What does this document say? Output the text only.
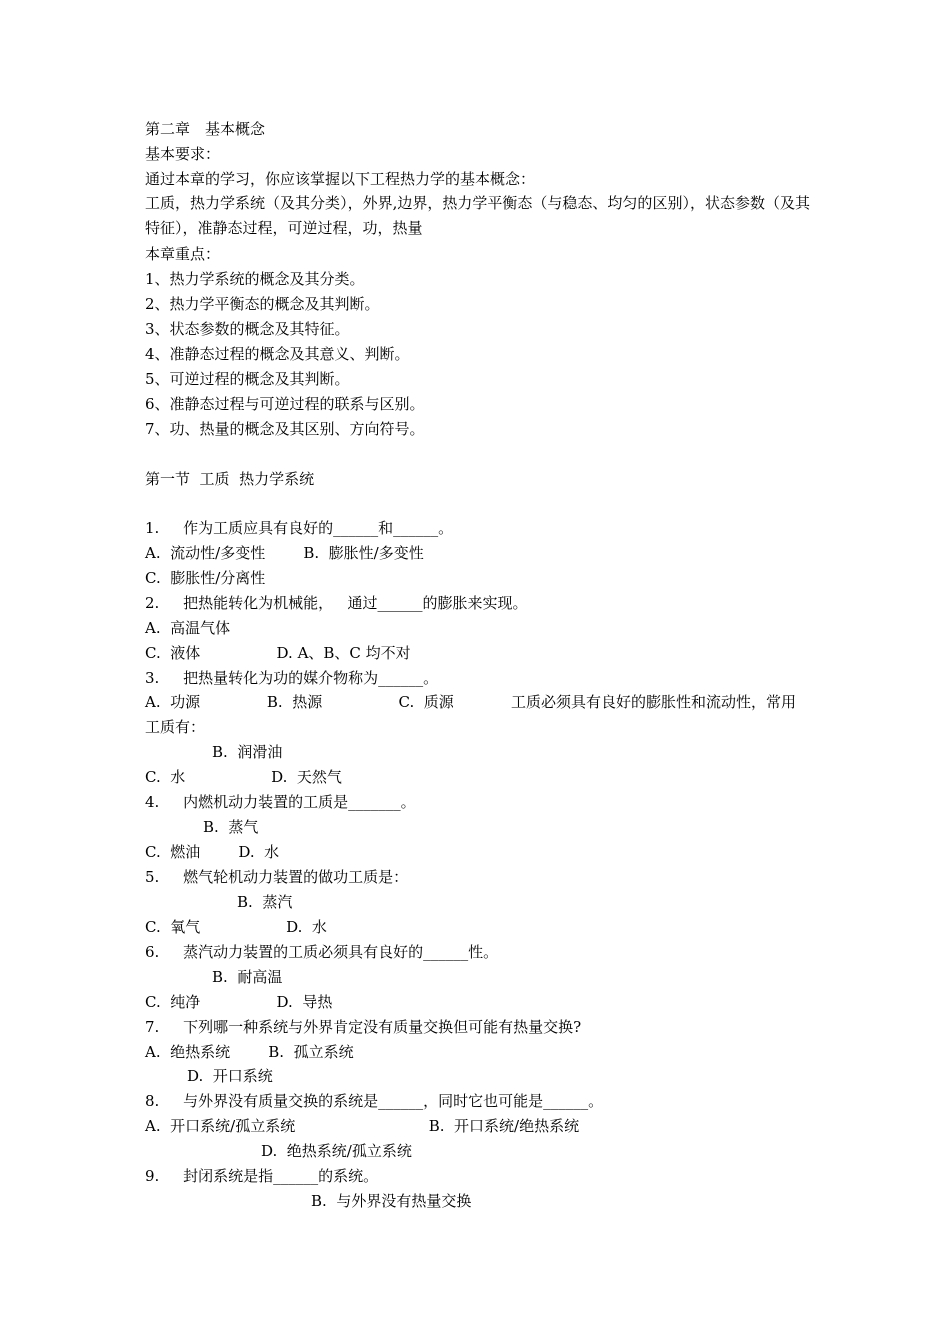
第二章　基本概念
基本要求：
通过本章的学习，你应该掌握以下工程热力学的基本概念：
工质，热力学系统（及其分类），外界,边界，热力学平衡态（与稳态、均匀的区别），状态参数（及其特征），准静态过程，可逆过程，功，热量
本章重点：
1、热力学系统的概念及其分类。
2、热力学平衡态的概念及其判断。
3、状态参数的概念及其特征。
4、准静态过程的概念及其意义、判断。
5、可逆过程的概念及其判断。
6、准静态过程与可逆过程的联系与区别。
7、功、热量的概念及其区别、方向符号。
第一节  工质  热力学系统
1.     作为工质应具有良好的______和______。
A.  流动性/多变性        B.  膨胀性/多变性
C.  膨胀性/分离性
2.     把热能转化为机械能，   通过______的膨胀来实现。
A.  高温气体
C.  液体                D. A、B、C 均不对
3.     把热量转化为功的媒介物称为______。
A.  功源              B.  热源                C.  质源            工质必须具有良好的膨胀性和流动性，常用
工质有：
B.  润滑油
C.  水                  D.  天然气
4.     内燃机动力装置的工质是_______。
B.  蒸气
C.  燃油        D.  水
5.     燃气轮机动力装置的做功工质是：
B.  蒸汽
C.  氧气                  D.  水
6.     蒸汽动力装置的工质必须具有良好的______性。
B.  耐高温
C.  纯净                D.  导热
7.     下列哪一种系统与外界肯定没有质量交换但可能有热量交换?
A.  绝热系统        B.  孤立系统
D.  开口系统
8.     与外界没有质量交换的系统是______，同时它也可能是______。
A.  开口系统/孤立系统                            B.  开口系统/绝热系统
D.  绝热系统/孤立系统
9.     封闭系统是指______的系统。
B.  与外界没有热量交换
